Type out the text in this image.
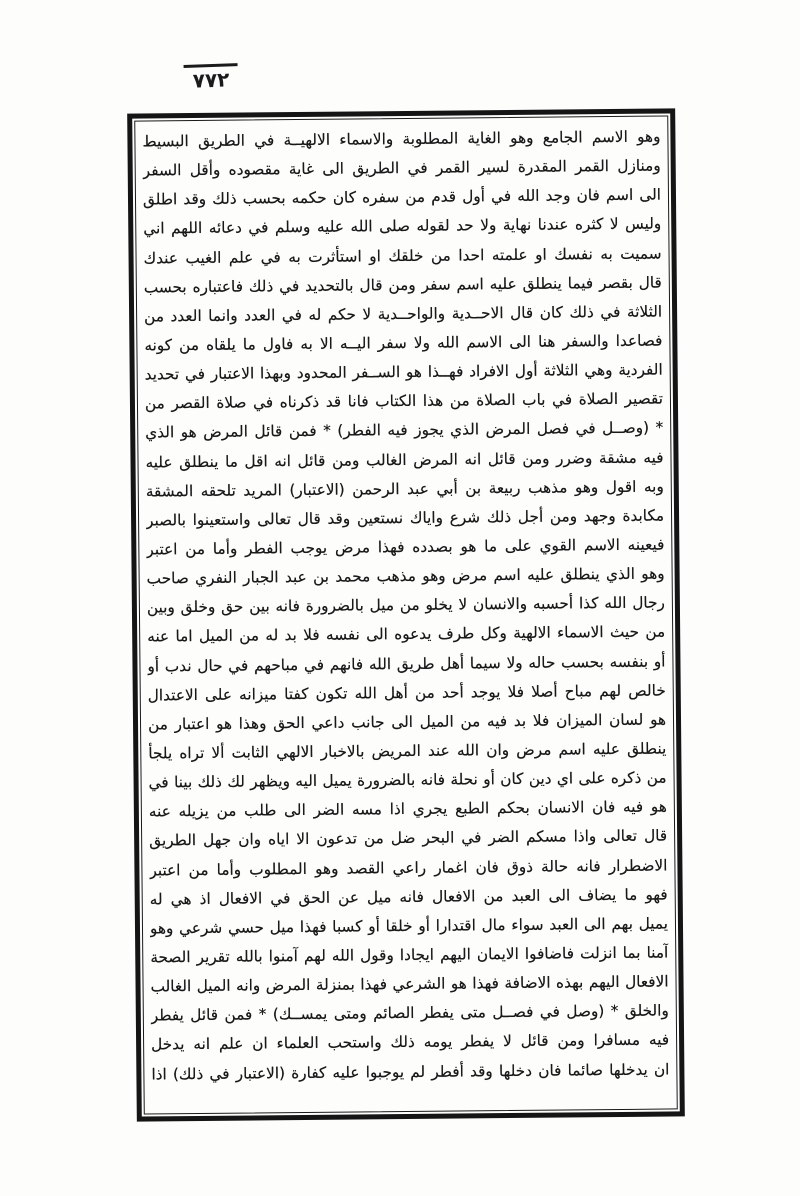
٧٧٢
وهو الاسم الجامع وهو الغاية المطلوبة والاسماء الالهيــة في الطريق البسيط
ومنازل القمر المقدرة لسير القمر في الطريق الى غاية مقصوده وأقل السفر
الى اسم فان وجد الله في أول قدم من سفره كان حكمه بحسب ذلك وقد اطلق
وليس لا كثره عندنا نهاية ولا حد لقوله صلى الله عليه وسلم في دعائه اللهم اني
سميت به نفسك او علمته احدا من خلقك او استأثرت به في علم الغيب عندك
قال بقصر فيما ينطلق عليه اسم سفر ومن قال بالتحديد في ذلك فاعتباره بحسب
الثلاثة في ذلك كان قال الاحــدية والواحــدية لا حكم له في العدد وانما العدد من
فصاعدا والسفر هنا الى الاسم الله ولا سفر اليــه الا به فاول ما يلقاه من كونه
الفردية وهي الثلاثة أول الافراد فهــذا هو الســفر المحدود وبهذا الاعتبار في تحديد
تقصير الصلاة في باب الصلاة من هذا الكتاب فانا قد ذكرناه في صلاة القصر من
* (وصــل في فصل المرض الذي يجوز فيه الفطر) * فمن قائل المرض هو الذي
فيه مشقة وضرر ومن قائل انه المرض الغالب ومن قائل انه اقل ما ينطلق عليه
وبه اقول وهو مذهب ربيعة بن أبي عبد الرحمن (الاعتبار) المريد تلحقه المشقة
مكابدة وجهد ومن أجل ذلك شرع واياك نستعين وقد قال تعالى واستعينوا بالصبر
فيعينه الاسم القوي على ما هو بصدده فهذا مرض يوجب الفطر وأما من اعتبر
وهو الذي ينطلق عليه اسم مرض وهو مذهب محمد بن عبد الجبار النفري صاحب
رجال الله كذا أحسبه والانسان لا يخلو من ميل بالضرورة فانه بين حق وخلق وبين
من حيث الاسماء الالهية وكل طرف يدعوه الى نفسه فلا بد له من الميل اما عنه
أو بنفسه بحسب حاله ولا سيما أهل طريق الله فانهم في مباحهم في حال ندب أو
خالص لهم مباح أصلا فلا يوجد أحد من أهل الله تكون كفتا ميزانه على الاعتدال
هو لسان الميزان فلا بد فيه من الميل الى جانب داعي الحق وهذا هو اعتبار من
ينطلق عليه اسم مرض وان الله عند المريض بالاخبار الالهي الثابت ألا تراه يلجأ
من ذكره على اي دين كان أو نحلة فانه بالضرورة يميل اليه ويظهر لك ذلك بينا في
هو فيه فان الانسان بحكم الطبع يجري اذا مسه الضر الى طلب من يزيله عنه
قال تعالى واذا مسكم الضر في البحر ضل من تدعون الا اياه وان جهل الطريق
الاضطرار فانه حالة ذوق فان اغمار راعي القصد وهو المطلوب وأما من اعتبر
فهو ما يضاف الى العبد من الافعال فانه ميل عن الحق في الافعال اذ هي له
يميل بهم الى العبد سواء مال اقتدارا أو خلقا أو كسبا فهذا ميل حسي شرعي وهو
آمنا بما انزلت فاضافوا الايمان اليهم ايجادا وقول الله لهم آمنوا بالله تقرير الصحة
الافعال اليهم بهذه الاضافة فهذا هو الشرعي فهذا بمنزلة المرض وانه الميل الغالب
والخلق * (وصل في فصــل متى يفطر الصائم ومتى يمســك) * فمن قائل يفطر
فيه مسافرا ومن قائل لا يفطر يومه ذلك واستحب العلماء ان علم انه يدخل
ان يدخلها صائما فان دخلها وقد أفطر لم يوجبوا عليه كفارة (الاعتبار في ذلك) اذا
